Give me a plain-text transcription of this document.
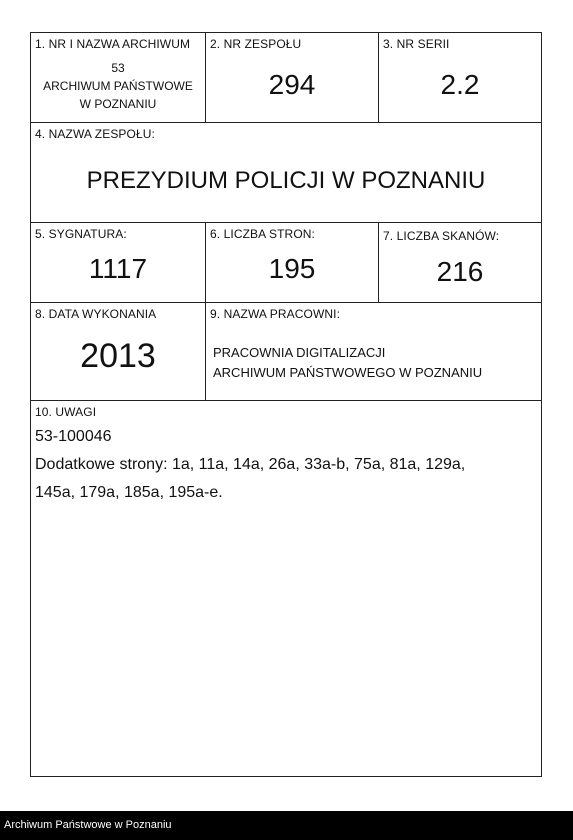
1. NR I NAZWA ARCHIWUM
53
ARCHIWUM PAŃSTWOWE
W POZNANIU
2. NR ZESPOŁU
294
3. NR SERII
2.2
4. NAZWA ZESPOŁU:
PREZYDIUM POLICJI W POZNANIU
5. SYGNATURA:
1117
6. LICZBA STRON:
195
7. LICZBA SKANÓW:
216
8. DATA WYKONANIA
2013
9. NAZWA PRACOWNI:
PRACOWNIA DIGITALIZACJI
ARCHIWUM PAŃSTWOWEGO W POZNANIU
10. UWAGI
53-100046
Dodatkowe strony: 1a, 11a, 14a, 26a, 33a-b, 75a, 81a, 129a,
145a, 179a, 185a, 195a-e.
Archiwum Państwowe w Poznaniu
